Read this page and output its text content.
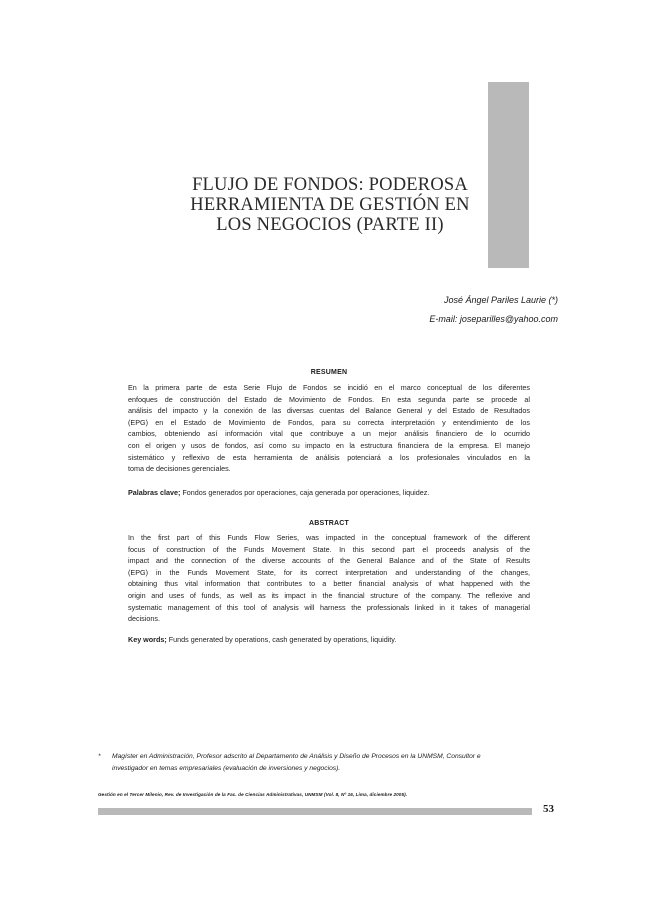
FLUJO DE FONDOS: PODEROSA
HERRAMIENTA DE GESTIÓN EN
LOS NEGOCIOS (PARTE II)
José Ángel Pariles Laurie (*)
E-mail: joseparilles@yahoo.com
RESUMEN
En la primera parte de esta Serie Flujo de Fondos se incidió en el marco conceptual de los diferentes
enfoques de construcción del Estado de Movimiento de Fondos. En esta segunda parte se procede al
análisis del impacto y la conexión de las diversas cuentas del Balance General y del Estado de Resultados
(EPG) en el Estado de Movimiento de Fondos, para su correcta interpretación y entendimiento de los
cambios, obteniendo así información vital que contribuye a un mejor análisis financiero de lo ocurrido
con el origen y usos de fondos, así como su impacto en la estructura financiera de la empresa. El manejo
sistemático y reflexivo de esta herramienta de análisis potenciará a los profesionales vinculados en la
toma de decisiones gerenciales.
Palabras clave; Fondos generados por operaciones, caja generada por operaciones, liquidez.
ABSTRACT
In the first part of this Funds Flow Series, was impacted in the conceptual framework of the different
focus of construction of the Funds Movement State. In this second part el proceeds analysis of the
impact and the connection of the diverse accounts of the General Balance and of the State of Results
(EPG) in the Funds Movement State, for its correct interpretation and understanding of the changes,
obtaining thus vital information that contributes to a better financial analysis of what happened with the
origin and uses of funds, as well as its impact in the financial structure of the company. The reflexive and
systematic management of this tool of analysis will harness the professionals linked in it takes of managerial
decisions.
Key words; Funds generated by operations, cash generated by operations, liquidity.
* Magíster en Administración, Profesor adscrito al Departamento de Análisis y Diseño de Procesos en la UNMSM, Consultor e
investigador en temas empresariales (evaluación de inversiones y negocios).
Gestión en el Tercer Milenio, Rev. de Investigación de la Fac. de Ciencias Administrativas, UNMSM (Vol. 8, Nº 16, Lima, diciembre 2005).
53
